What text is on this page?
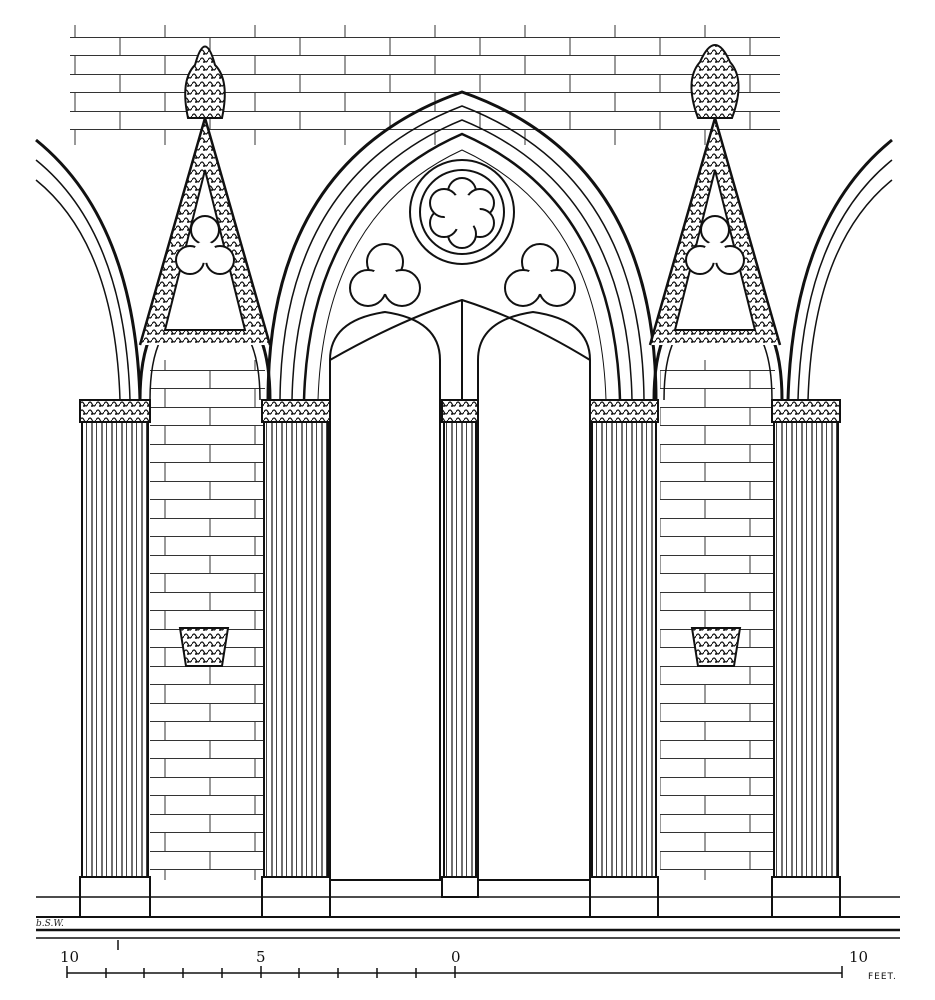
b.S.W.
10	5	0	10
FEET.
